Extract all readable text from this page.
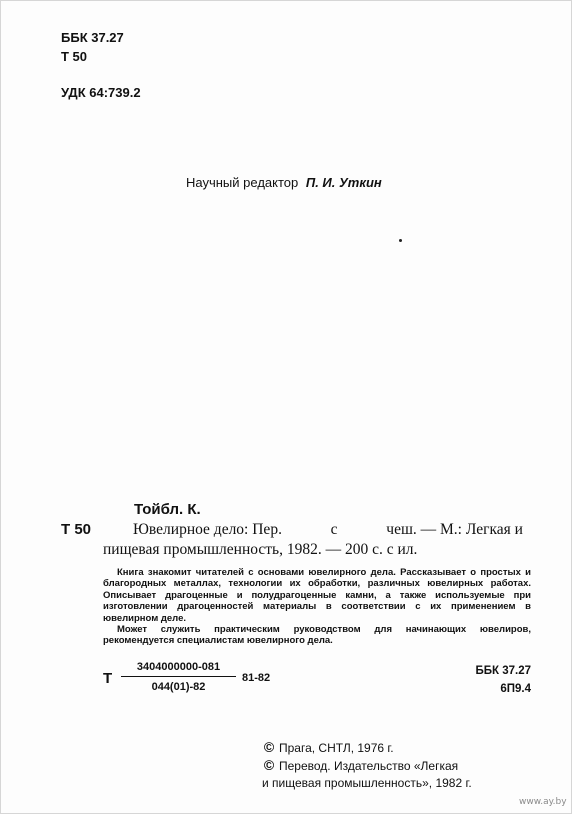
ББК 37.27
Т 50
УДК 64:739.2
Научный редактор П. И. Уткин
Тойбл. К.
Т 50	Ювелирное дело: Пер.	с	чеш. — М.: Легкая и
пищевая промышленность, 1982. — 200 с. с ил.

Книга знакомит читателей с основами ювелирного дела. Рассказывает о простых и благородных металлах, технологии их обработки, различных ювелирных работах. Описывает драгоценные и полудрагоценные камни, а также используемые при изготовлении драгоценностей материалы в соответствии с их применением в ювелирном деле.

Может служить практическим руководством для начинающих ювелиров, рекомендуется специалистам ювелирного дела.

Т
3404000000-081
044(01)-82
81-82
ББК 37.27
6П9.4
© Прага, СНТЛ, 1976 г.
© Перевод. Издательство «Легкая
и пищевая промышленность», 1982 г.
www.ay.by
